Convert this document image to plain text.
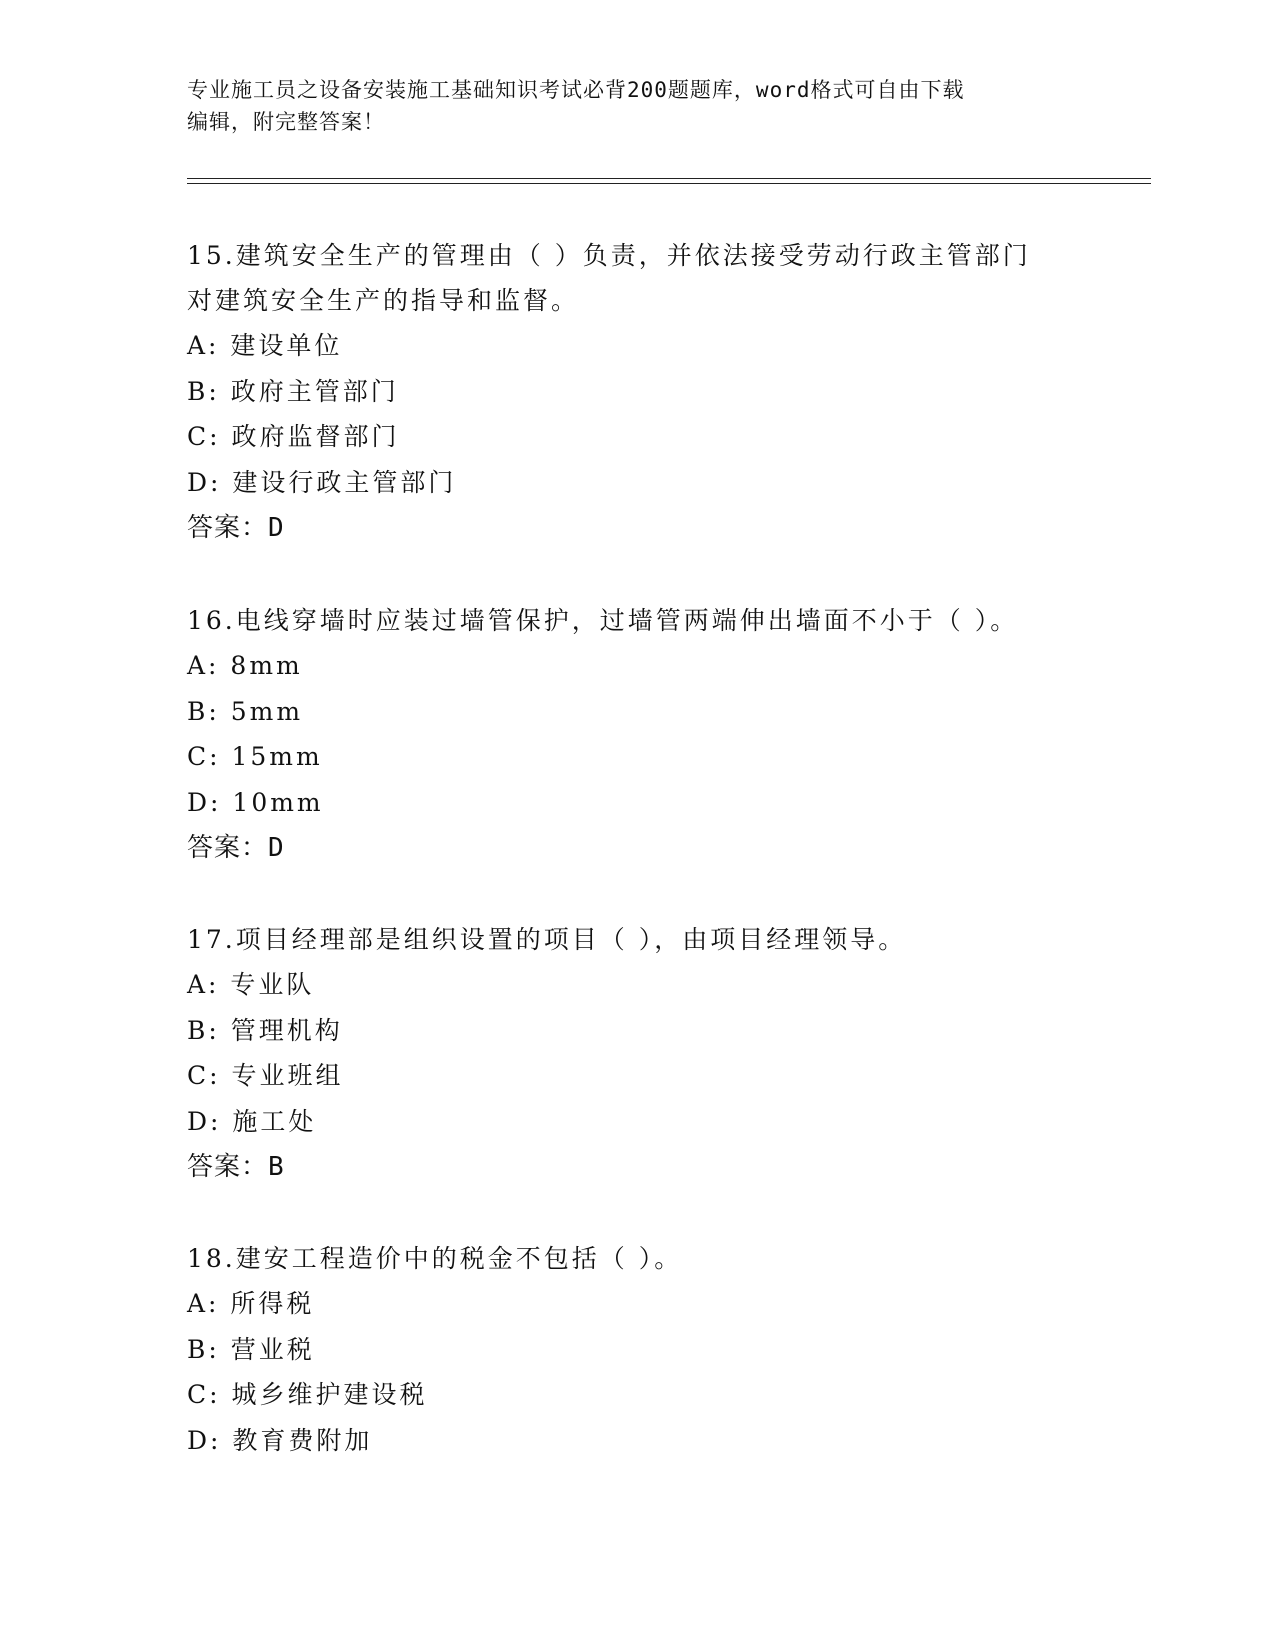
专业施工员之设备安装施工基础知识考试必背200题题库，word格式可自由下载
编辑，附完整答案！
15.建筑安全生产的管理由（ ）负责，并依法接受劳动行政主管部门
对建筑安全生产的指导和监督。
A: 建设单位
B: 政府主管部门
C: 政府监督部门
D: 建设行政主管部门
答案：D
16.电线穿墙时应装过墙管保护，过墙管两端伸出墙面不小于（ ）。
A: 8mm
B: 5mm
C: 15mm
D: 10mm
答案：D
17.项目经理部是组织设置的项目（ ），由项目经理领导。
A: 专业队
B: 管理机构
C: 专业班组
D: 施工处
答案：B
18.建安工程造价中的税金不包括（ ）。
A: 所得税
B: 营业税
C: 城乡维护建设税
D: 教育费附加
